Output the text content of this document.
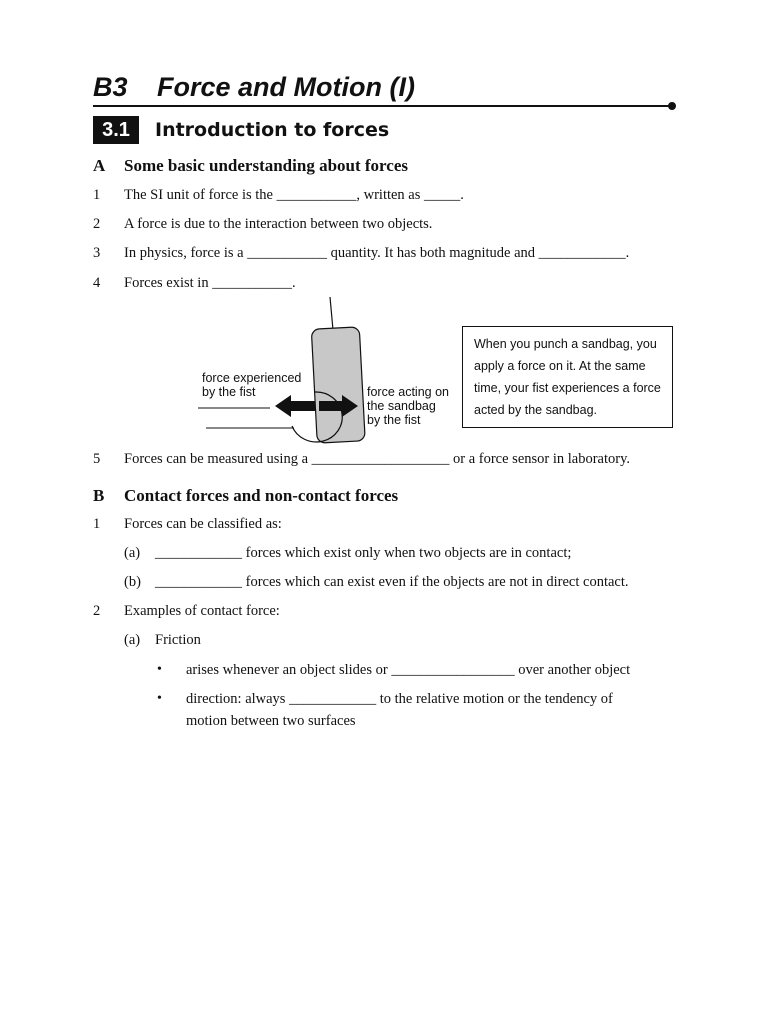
B3 Force and Motion (I)
3.1	Introduction to forces
A Some basic understanding about forces
1 The SI unit of force is the ___________, written as _____.
2 A force is due to the interaction between two objects.
3 In physics, force is a ___________ quantity. It has both magnitude and ____________.
4 Forces exist in ___________.
force experienced
by the fist	force acting on
the sandbag
by the fist
When you punch a sandbag, you
apply a force on it. At the same
time, your fist experiences a force
acted by the sandbag.
5 Forces can be measured using a ___________________ or a force sensor in laboratory.
B Contact forces and non-contact forces
1 Forces can be classified as:
(a) ____________ forces which exist only when two objects are in contact;
(b) ____________ forces which can exist even if the objects are not in direct contact.
2 Examples of contact force:
(a) Friction
• arises whenever an object slides or _________________ over another object
• direction: always ____________ to the relative motion or the tendency of
motion between two surfaces
